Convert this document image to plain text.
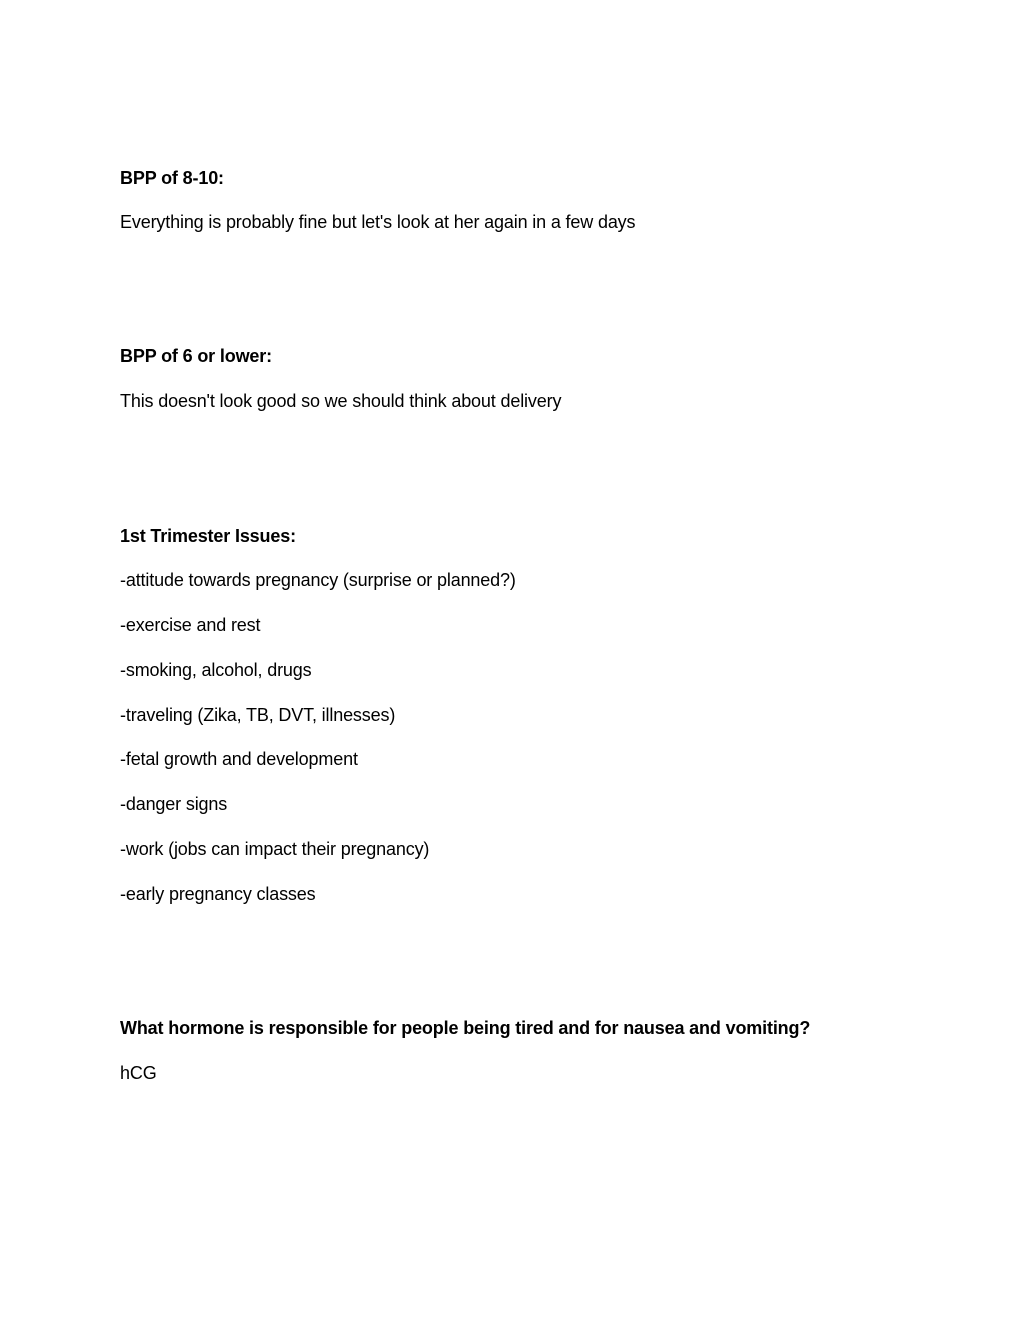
BPP of 8-10:
Everything is probably fine but let's look at her again in a few days
BPP of 6 or lower:
This doesn't look good so we should think about delivery
1st Trimester Issues:
-attitude towards pregnancy (surprise or planned?)
-exercise and rest
-smoking, alcohol, drugs
-traveling (Zika, TB, DVT, illnesses)
-fetal growth and development
-danger signs
-work (jobs can impact their pregnancy)
-early pregnancy classes
What hormone is responsible for people being tired and for nausea and vomiting?
hCG
